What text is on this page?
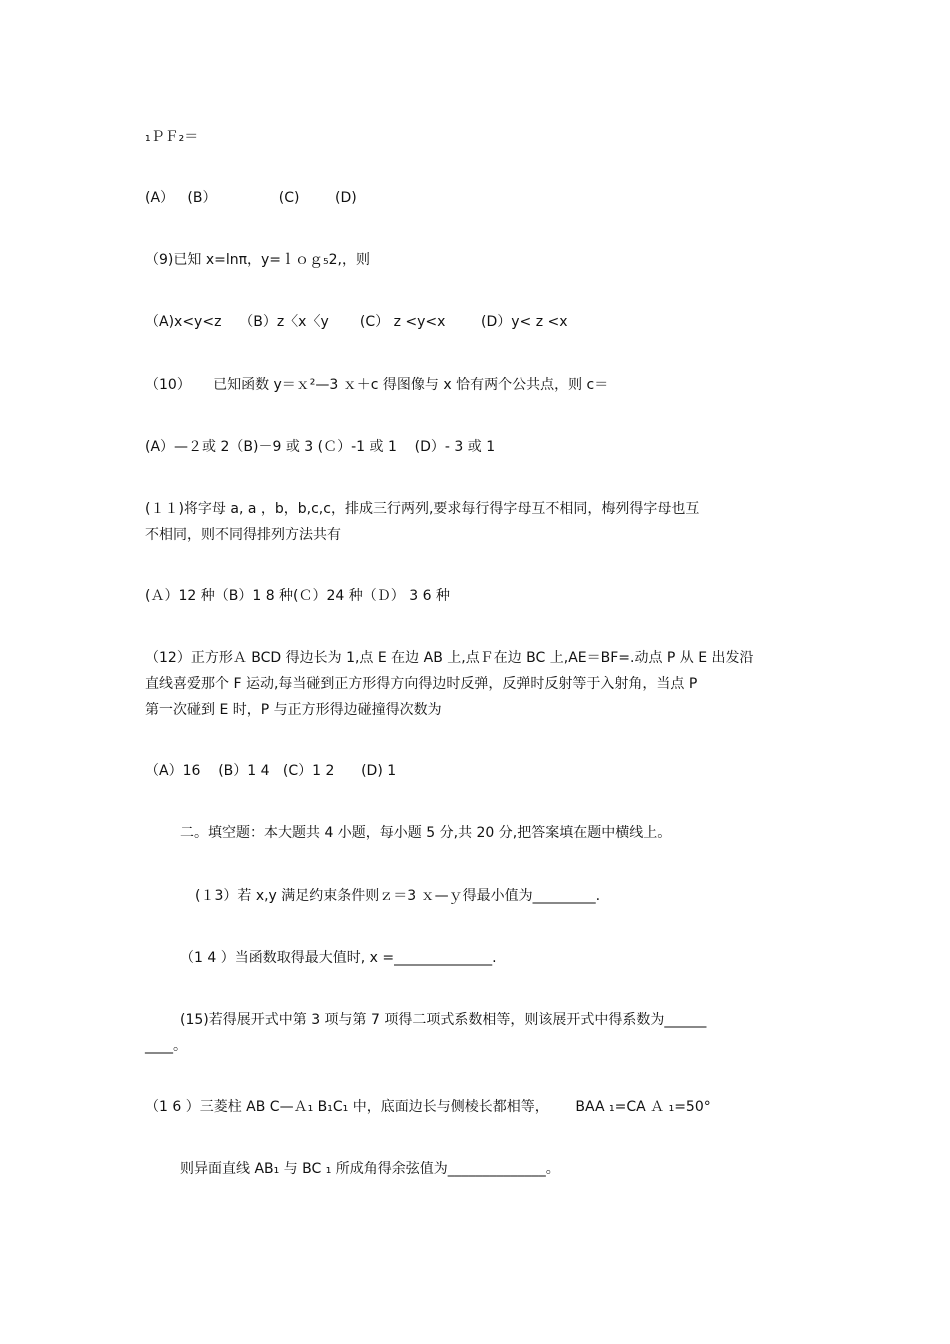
₁ＰＦ₂＝
(A）   (B）              (C)        (D)
（9)已知 x=lnπ，y=ｌｏｇ₅2,，则
（A)x<y<z    （B）z〈x〈y       (C） z <y<x        (D）y< z <x
（10）     已知函数 y＝ｘ²—3 ｘ＋c 得图像与 x 恰有两个公共点，则 c＝
(A）—２或 2（B)－9 或 3 (Ｃ）-1 或 1    (D）- 3 或 1
(１１)将字母 a, a ，b，b,c,c，排成三行两列,要求每行得字母互不相同，梅列得字母也互
不相同，则不同得排列方法共有
(Ａ）12 种（B）1 8 种(Ｃ）24 种（Ｄ） 3 6 种
（12）正方形Ａ BCD 得边长为 1,点 E 在边 AB 上,点Ｆ在边 BC 上,AE＝BF=.动点 P 从 E 出发沿
直线喜爱那个 F 运动,每当碰到正方形得方向得边时反弹，反弹时反射等于入射角，当点 P
第一次碰到 E 时，P 与正方形得边碰撞得次数为
（A）16    (B）1 4   (C）1 2      (D) 1
二。填空题：本大题共 4 小题，每小题 5 分,共 20 分,把答案填在题中横线上。
(１3）若 x,y 满足约束条件则ｚ＝3 ｘ—ｙ得最小值为_________.
（1 4 ）当函数取得最大值时, x =______________.
(15)若得展开式中第 3 项与第 7 项得二项式系数相等，则该展开式中得系数为______
____。
（1 6 ）三菱柱 AB C—Ａ₁ B₁C₁ 中，底面边长与侧棱长都相等，      BAA ₁=CA Ａ ₁=50°
则异面直线 AB₁ 与 BC ₁ 所成角得余弦值为______________。
